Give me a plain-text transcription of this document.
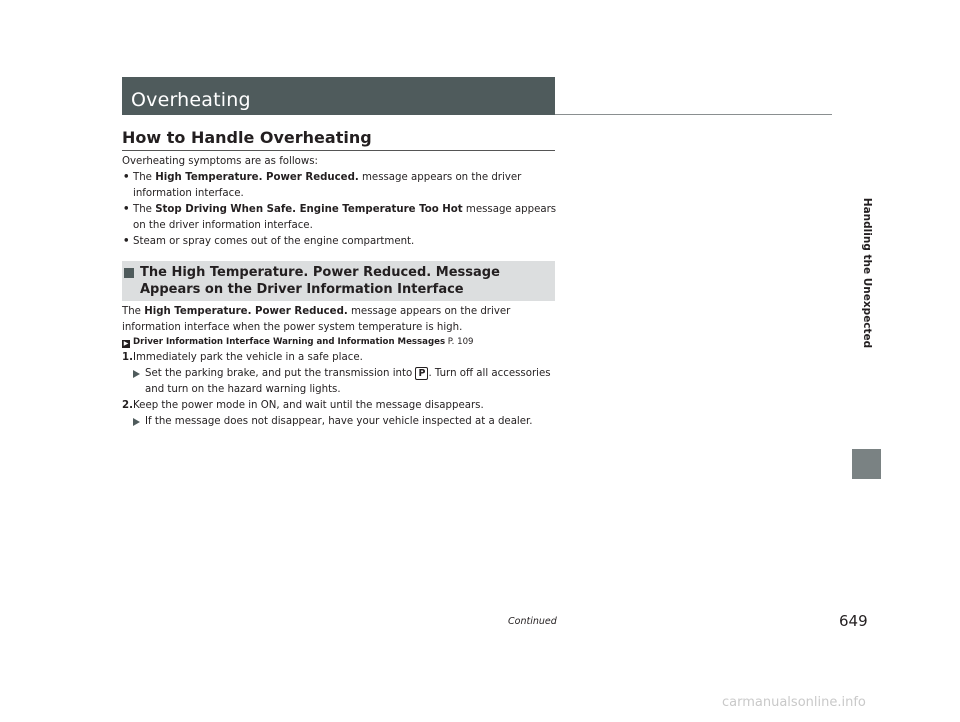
Overheating
Handling the Unexpected
How to Handle Overheating
Overheating symptoms are as follows:
• The High Temperature. Power Reduced. message appears on the driver information interface.
• The Stop Driving When Safe. Engine Temperature Too Hot message appears on the driver information interface.
• Steam or spray comes out of the engine compartment.
The High Temperature. Power Reduced. Message Appears on the Driver Information Interface
The High Temperature. Power Reduced. message appears on the driver information interface when the power system temperature is high.
▶ Driver Information Interface Warning and Information Messages P. 109
1. Immediately park the vehicle in a safe place.
Set the parking brake, and put the transmission into P . Turn off all accessories and turn on the hazard warning lights.
2. Keep the power mode in ON, and wait until the message disappears.
If the message does not disappear, have your vehicle inspected at a dealer.
Continued	649
carmanualsonline.info
